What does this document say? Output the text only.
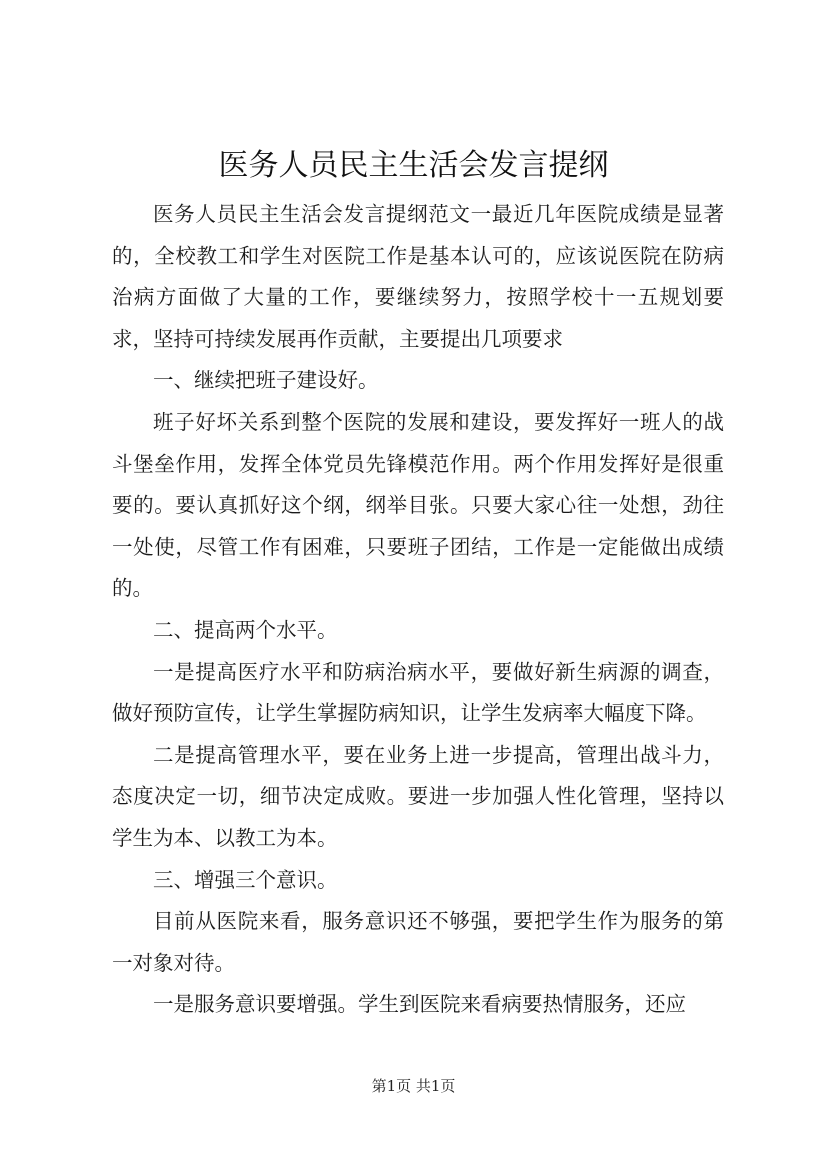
医务人员民主生活会发言提纲

医务人员民主生活会发言提纲范文一最近几年医院成绩是显著的，全校教工和学生对医院工作是基本认可的，应该说医院在防病治病方面做了大量的工作，要继续努力，按照学校十一五规划要求，坚持可持续发展再作贡献，主要提出几项要求

一、继续把班子建设好。

班子好坏关系到整个医院的发展和建设，要发挥好一班人的战斗堡垒作用，发挥全体党员先锋模范作用。两个作用发挥好是很重要的。要认真抓好这个纲，纲举目张。只要大家心往一处想，劲往一处使，尽管工作有困难，只要班子团结，工作是一定能做出成绩的。

二、提高两个水平。

一是提高医疗水平和防病治病水平，要做好新生病源的调查，做好预防宣传，让学生掌握防病知识，让学生发病率大幅度下降。

二是提高管理水平，要在业务上进一步提高，管理出战斗力，态度决定一切，细节决定成败。要进一步加强人性化管理，坚持以学生为本、以教工为本。

三、增强三个意识。

目前从医院来看，服务意识还不够强，要把学生作为服务的第一对象对待。

一是服务意识要增强。学生到医院来看病要热情服务，还应

第1页 共1页
